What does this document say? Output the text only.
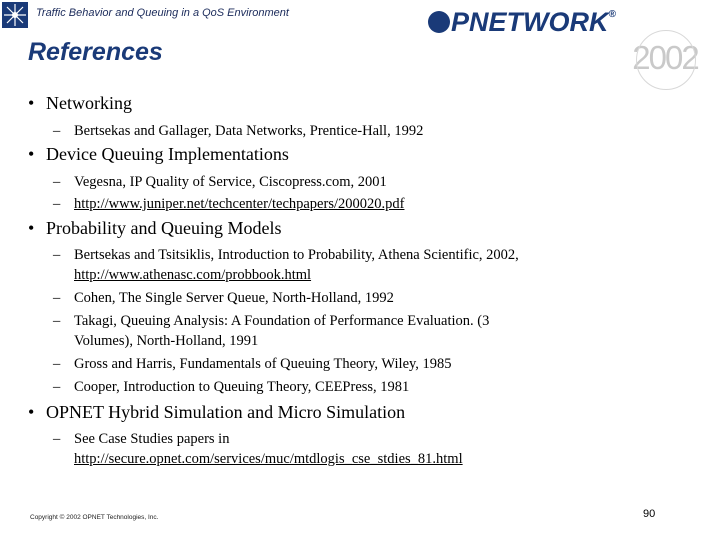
Traffic Behavior and Queuing in a QoS Environment	PNETWORK®
2002
References
• Networking
– Bertsekas and Gallager, Data Networks, Prentice-Hall, 1992
• Device Queuing Implementations
– Vegesna, IP Quality of Service, Ciscopress.com, 2001
– http://www.juniper.net/techcenter/techpapers/200020.pdf
• Probability and Queuing Models
– Bertsekas and Tsitsiklis, Introduction to Probability, Athena Scientific, 2002,
http://www.athenasc.com/probbook.html
– Cohen, The Single Server Queue, North-Holland, 1992
– Takagi, Queuing Analysis: A Foundation of Performance Evaluation. (3
Volumes), North-Holland, 1991
– Gross and Harris, Fundamentals of Queuing Theory, Wiley, 1985
– Cooper, Introduction to Queuing Theory, CEEPress, 1981
• OPNET Hybrid Simulation and Micro Simulation
– See Case Studies papers in
http://secure.opnet.com/services/muc/mtdlogis_cse_stdies_81.html
Copyright © 2002 OPNET Technologies, Inc.	90
